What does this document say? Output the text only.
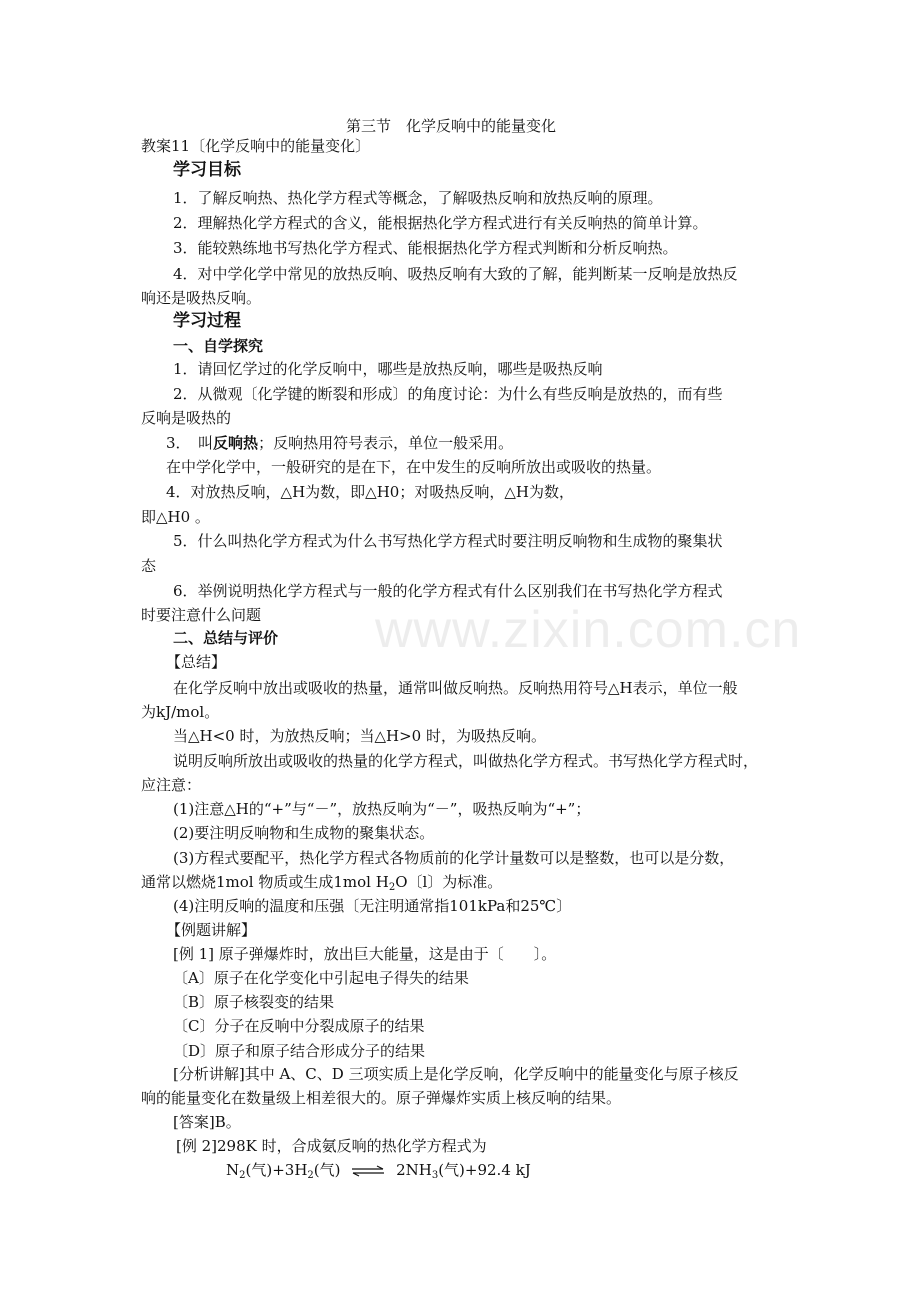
www.zixin.com.cn
第三节　化学反响中的能量变化
教案11〔化学反响中的能量变化〕
学习目标
1．了解反响热、热化学方程式等概念，了解吸热反响和放热反响的原理。
2．理解热化学方程式的含义，能根据热化学方程式进行有关反响热的简单计算。
3．能较熟练地书写热化学方程式、能根据热化学方程式判断和分析反响热。
4．对中学化学中常见的放热反响、吸热反响有大致的了解，能判断某一反响是放热反
响还是吸热反响。
学习过程
一、自学探究
1．请回忆学过的化学反响中，哪些是放热反响，哪些是吸热反响
2．从微观〔化学键的断裂和形成〕的角度讨论：为什么有些反响是放热的，而有些
反响是吸热的
3．　叫反响热；反响热用符号表示，单位一般采用。
在中学化学中，一般研究的是在下，在中发生的反响所放出或吸收的热量。
4．对放热反响，△H为数，即△H0；对吸热反响，△H为数，
即△H0 。
5．什么叫热化学方程式为什么书写热化学方程式时要注明反响物和生成物的聚集状
态
6．举例说明热化学方程式与一般的化学方程式有什么区别我们在书写热化学方程式
时要注意什么问题
二、总结与评价
【总结】
在化学反响中放出或吸收的热量，通常叫做反响热。反响热用符号△H表示，单位一般
为kJ/mol。
当△H<0 时，为放热反响；当△H>0 时，为吸热反响。
说明反响所放出或吸收的热量的化学方程式，叫做热化学方程式。书写热化学方程式时，
应注意：
(1)注意△H的“+”与“－”，放热反响为“－”，吸热反响为“+”；
(2)要注明反响物和生成物的聚集状态。
(3)方程式要配平，热化学方程式各物质前的化学计量数可以是整数，也可以是分数，
通常以燃烧1mol 物质或生成1mol $H_2O$〔l〕为标准。
(4)注明反响的温度和压强〔无注明通常指101kPa和25℃〕
【例题讲解】
[例 1] 原子弹爆炸时，放出巨大能量，这是由于〔　　〕。
〔A〕原子在化学变化中引起电子得失的结果
〔B〕原子核裂变的结果
〔C〕分子在反响中分裂成原子的结果
〔D〕原子和原子结合形成分子的结果
[分析讲解]其中 A、C、D 三项实质上是化学反响，化学反响中的能量变化与原子核反
响的能量变化在数量级上相差很大的。原子弹爆炸实质上核反响的结果。
[答案]B。
[例 2]298K 时，合成氨反响的热化学方程式为
$N_2$(气)$+3H_2$(气) ⇌ $2NH_3$(气)+92.4 kJ
